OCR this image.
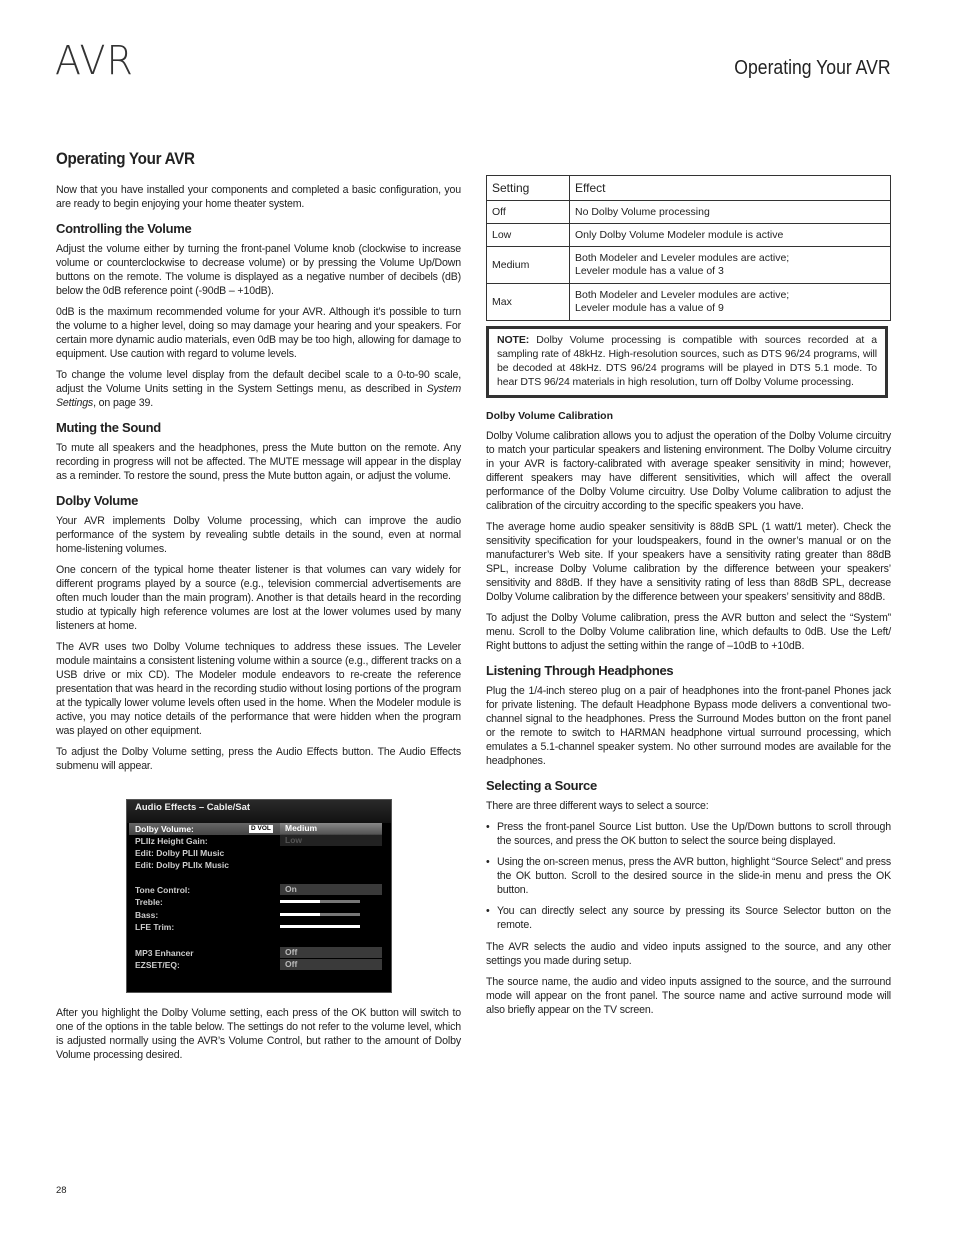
AVR	Operating Your AVR
Operating Your AVR

Now that you have installed your components and completed a basic configuration, you are ready to begin enjoying your home theater system.

Controlling the Volume

Adjust the volume either by turning the front-panel Volume knob (clockwise to increase volume or counterclockwise to decrease volume) or by pressing the Volume Up/Down buttons on the remote. The volume is displayed as a negative number of decibels (dB) below the 0dB reference point (-90dB – +10dB).

0dB is the maximum recommended volume for your AVR. Although it’s possible to turn the volume to a higher level, doing so may damage your hearing and your speakers. For certain more dynamic audio materials, even 0dB may be too high, allowing for damage to equipment. Use caution with regard to volume levels.

To change the volume level display from the default decibel scale to a 0-to-90 scale, adjust the Volume Units setting in the System Settings menu, as described in System Settings, on page 39.

Muting the Sound

To mute all speakers and the headphones, press the Mute button on the remote. Any recording in progress will not be affected. The MUTE message will appear in the display as a reminder. To restore the sound, press the Mute button again, or adjust the volume.

Dolby Volume

Your AVR implements Dolby Volume processing, which can improve the audio performance of the system by revealing subtle details in the sound, even at normal home-listening volumes.

One concern of the typical home theater listener is that volumes can vary widely for different programs played by a source (e.g., television commercial advertisements are often much louder than the main program). Another is that details heard in the recording studio at typically high reference volumes are lost at the lower volumes used by many listeners at home.

The AVR uses two Dolby Volume techniques to address these issues. The Leveler module maintains a consistent listening volume within a source (e.g., different tracks on a USB drive or mix CD). The Modeler module endeavors to re-create the reference presentation that was heard in the recording studio without losing portions of the program at the typically lower volume levels often used in the home. When the Modeler module is active, you may notice details of the performance that were hidden when the program was played on other equipment.

To adjust the Dolby Volume setting, press the Audio Effects button. The Audio Effects submenu will appear.

Audio Effects – Cable/Sat
Dolby Volume:	D VOL	Medium
PLIIz Height Gain:	Low
Edit: Dolby PLII Music
Edit: Dolby PLIIx Music
Tone Control:	On
Treble:
Bass:
LFE Trim:
MP3 Enhancer	Off
EZSET/EQ:	Off

After you highlight the Dolby Volume setting, each press of the OK button will switch to one of the options in the table below. The settings do not refer to the volume level, which is adjusted normally using the AVR’s Volume Control, but rather to the amount of Dolby Volume processing desired.

Setting	Effect
Off	No Dolby Volume processing
Low	Only Dolby Volume Modeler module is active
Medium	Both Modeler and Leveler modules are active;
Leveler module has a value of 3
Max	Both Modeler and Leveler modules are active;
Leveler module has a value of 9
NOTE: Dolby Volume processing is compatible with sources recorded at a sampling rate of 48kHz. High-resolution sources, such as DTS 96/24 programs, will be decoded at 48kHz. DTS 96/24 programs will be played in DTS 5.1 mode. To hear DTS 96/24 materials in high resolution, turn off Dolby Volume processing.
Dolby Volume Calibration

Dolby Volume calibration allows you to adjust the operation of the Dolby Volume circuitry to match your particular speakers and listening environment. The Dolby Volume circuitry in your AVR is factory-calibrated with average speaker sensitivity in mind; however, different speakers may have different sensitivities, which will affect the overall performance of the Dolby Volume circuitry. Use Dolby Volume calibration to adjust the calibration of the circuitry according to the specific speakers you have.

The average home audio speaker sensitivity is 88dB SPL (1 watt/1 meter). Check the sensitivity specification for your loudspeakers, found in the owner’s manual or on the manufacturer’s Web site. If your speakers have a sensitivity rating greater than 88dB SPL, increase Dolby Volume calibration by the difference between your speakers’ sensitivity and 88dB. If they have a sensitivity rating of less than 88dB SPL, decrease Dolby Volume calibration by the difference between your speakers’ sensitivity and 88dB.

To adjust the Dolby Volume calibration, press the AVR button and select the “System” menu. Scroll to the Dolby Volume calibration line, which defaults to 0dB. Use the Left/ Right buttons to adjust the setting within the range of –10dB to +10dB.

Listening Through Headphones

Plug the 1/4-inch stereo plug on a pair of headphones into the front-panel Phones jack for private listening. The default Headphone Bypass mode delivers a conventional two-channel signal to the headphones. Press the Surround Modes button on the front panel or the remote to switch to HARMAN headphone virtual surround processing, which emulates a 5.1-channel speaker system. No other surround modes are available for the headphones.

Selecting a Source

There are three different ways to select a source:

• Press the front-panel Source List button. Use the Up/Down buttons to scroll through the sources, and press the OK button to select the source being displayed.
• Using the on-screen menus, press the AVR button, highlight “Source Select” and press the OK button. Scroll to the desired source in the slide-in menu and press the OK button.
• You can directly select any source by pressing its Source Selector button on the remote.

The AVR selects the audio and video inputs assigned to the source, and any other settings you made during setup.

The source name, the audio and video inputs assigned to the source, and the surround mode will appear on the front panel. The source name and active surround mode will also briefly appear on the TV screen.

28
